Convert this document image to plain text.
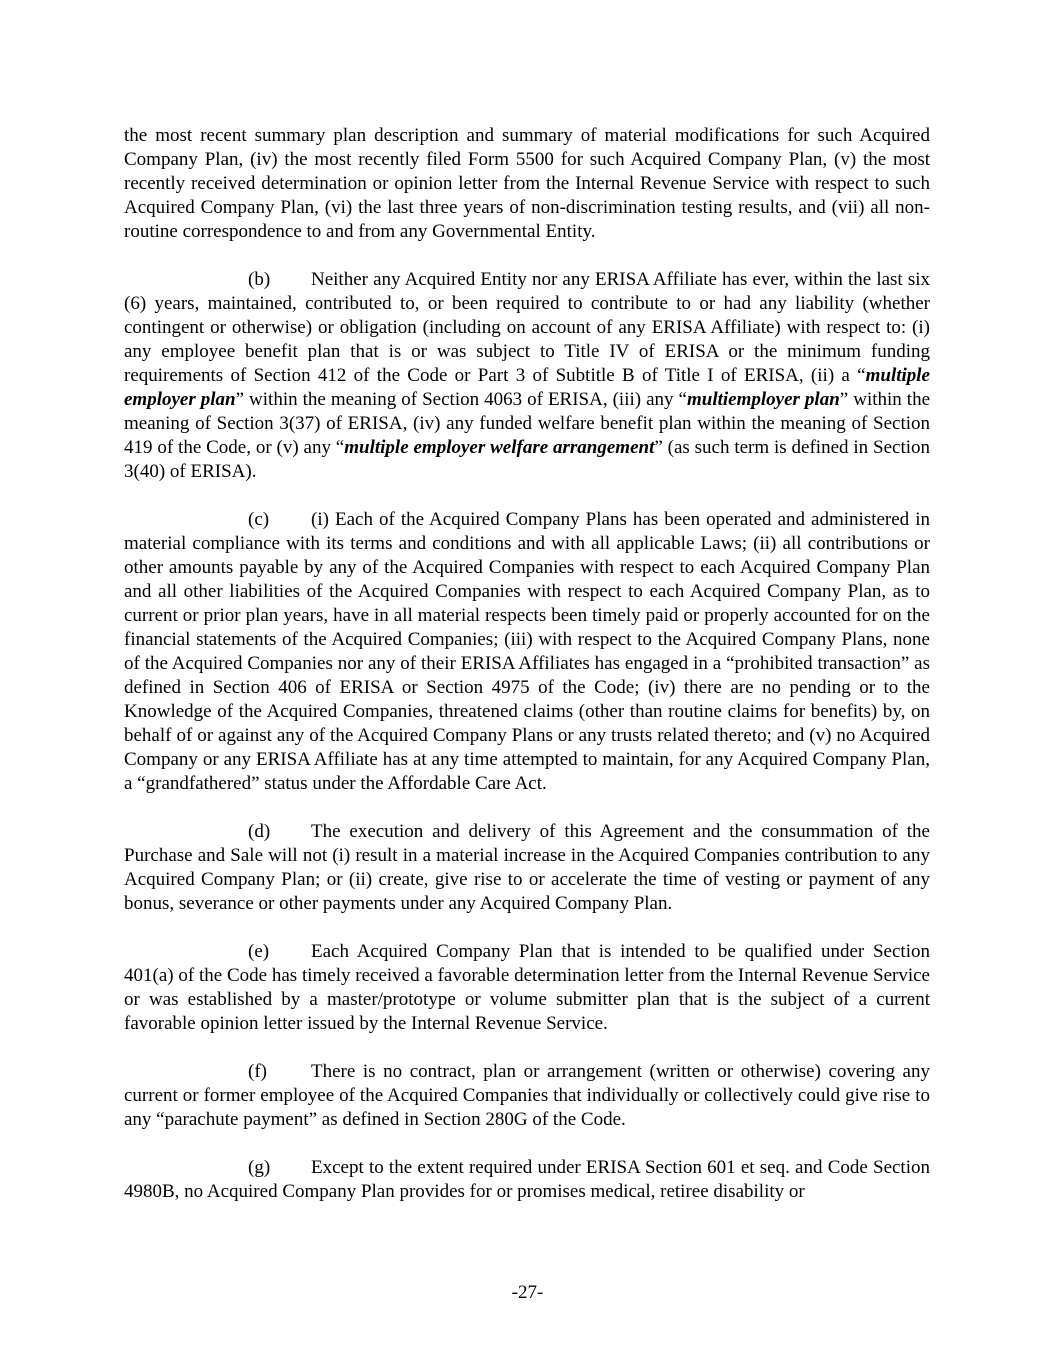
the most recent summary plan description and summary of material modifications for such Acquired Company Plan, (iv) the most recently filed Form 5500 for such Acquired Company Plan, (v) the most recently received determination or opinion letter from the Internal Revenue Service with respect to such Acquired Company Plan, (vi) the last three years of non-discrimination testing results, and (vii) all non-routine correspondence to and from any Governmental Entity.

(b) Neither any Acquired Entity nor any ERISA Affiliate has ever, within the last six (6) years, maintained, contributed to, or been required to contribute to or had any liability (whether contingent or otherwise) or obligation (including on account of any ERISA Affiliate) with respect to: (i) any employee benefit plan that is or was subject to Title IV of ERISA or the minimum funding requirements of Section 412 of the Code or Part 3 of Subtitle B of Title I of ERISA, (ii) a “multiple employer plan” within the meaning of Section 4063 of ERISA, (iii) any “multiemployer plan” within the meaning of Section 3(37) of ERISA, (iv) any funded welfare benefit plan within the meaning of Section 419 of the Code, or (v) any “multiple employer welfare arrangement” (as such term is defined in Section 3(40) of ERISA).

(c) (i) Each of the Acquired Company Plans has been operated and administered in material compliance with its terms and conditions and with all applicable Laws; (ii) all contributions or other amounts payable by any of the Acquired Companies with respect to each Acquired Company Plan and all other liabilities of the Acquired Companies with respect to each Acquired Company Plan, as to current or prior plan years, have in all material respects been timely paid or properly accounted for on the financial statements of the Acquired Companies; (iii) with respect to the Acquired Company Plans, none of the Acquired Companies nor any of their ERISA Affiliates has engaged in a “prohibited transaction” as defined in Section 406 of ERISA or Section 4975 of the Code; (iv) there are no pending or to the Knowledge of the Acquired Companies, threatened claims (other than routine claims for benefits) by, on behalf of or against any of the Acquired Company Plans or any trusts related thereto; and (v) no Acquired Company or any ERISA Affiliate has at any time attempted to maintain, for any Acquired Company Plan, a “grandfathered” status under the Affordable Care Act.

(d) The execution and delivery of this Agreement and the consummation of the Purchase and Sale will not (i) result in a material increase in the Acquired Companies contribution to any Acquired Company Plan; or (ii) create, give rise to or accelerate the time of vesting or payment of any bonus, severance or other payments under any Acquired Company Plan.

(e) Each Acquired Company Plan that is intended to be qualified under Section 401(a) of the Code has timely received a favorable determination letter from the Internal Revenue Service or was established by a master/prototype or volume submitter plan that is the subject of a current favorable opinion letter issued by the Internal Revenue Service.

(f) There is no contract, plan or arrangement (written or otherwise) covering any current or former employee of the Acquired Companies that individually or collectively could give rise to any “parachute payment” as defined in Section 280G of the Code.

(g) Except to the extent required under ERISA Section 601 et seq. and Code Section 4980B, no Acquired Company Plan provides for or promises medical, retiree disability or

-27-
